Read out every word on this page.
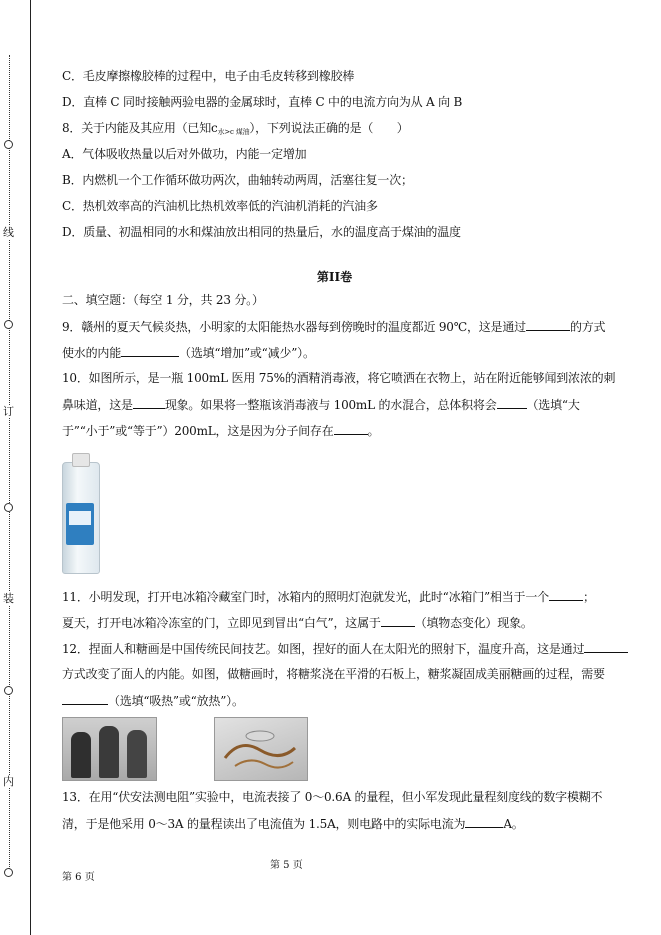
线
订
装
内
C．毛皮摩擦橡胶棒的过程中，电子由毛皮转移到橡胶棒
D．直棒 C 同时接触两验电器的金属球时，直棒 C 中的电流方向为从 A 向 B
8．关于内能及其应用（已知c水>c 煤油），下列说法正确的是（　　）
A．气体吸收热量以后对外做功，内能一定增加
B．内燃机一个工作循环做功两次，曲轴转动两周，活塞往复一次；
C．热机效率高的汽油机比热机效率低的汽油机消耗的汽油多
D．质量、初温相同的水和煤油放出相同的热量后，水的温度高于煤油的温度
第II卷
二、填空题：（每空 1 分，共 23 分。）
9．赣州的夏天气候炎热，小明家的太阳能热水器每到傍晚时的温度都近 90℃，这是通过	的方式
使水的内能	（选填“增加”或“减少”）。
10．如图所示，是一瓶 100mL 医用 75%的酒精消毒液，将它喷洒在衣物上，站在附近能够闻到浓浓的刺
鼻味道，这是	现象。如果将一整瓶该消毒液与 100mL 的水混合，总体积将会	（选填“大
于”“小于”或“等于”）200mL，这是因为分子间存在	。
11．小明发现，打开电冰箱冷藏室门时，冰箱内的照明灯泡就发光，此时“冰箱门”相当于一个	；
夏天，打开电冰箱冷冻室的门，立即见到冒出“白气”，这属于	（填物态变化）现象。
12．捏面人和糖画是中国传统民间技艺。如图，捏好的面人在太阳光的照射下，温度升高，这是通过
方式改变了面人的内能。如图，做糖画时，将糖浆浇在平滑的石板上，糖浆凝固成美丽糖画的过程，需要
（选填“吸热”或“放热”）。
13．在用“伏安法测电阻”实验中，电流表接了 0～0.6A 的量程，但小军发现此量程刻度线的数字模糊不
清，于是他采用 0～3A 的量程读出了电流值为 1.5A，则电路中的实际电流为	A。
第 5 页
第 6 页
